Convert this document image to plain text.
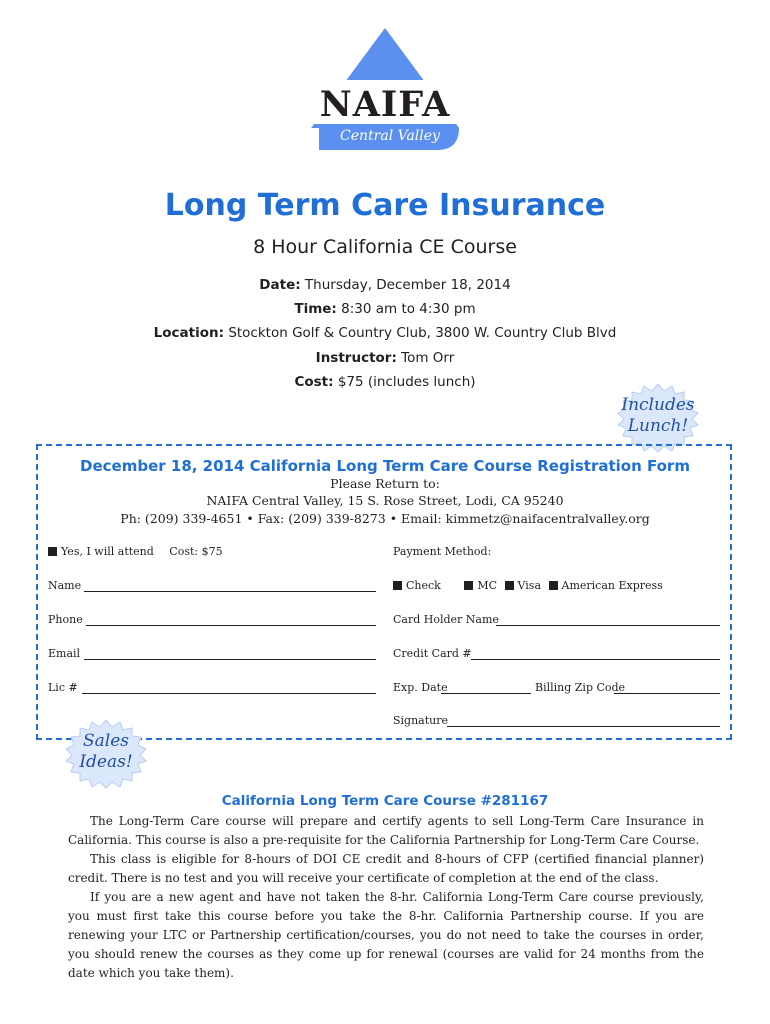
NAIFA
Central Valley
Long Term Care Insurance
8 Hour California CE Course
Date: Thursday, December 18, 2014
Time: 8:30 am to 4:30 pm
Location: Stockton Golf & Country Club, 3800 W. Country Club Blvd
Instructor: Tom Orr
Cost: $75 (includes lunch)
Includes
Lunch!
December 18, 2014 California Long Term Care Course Registration Form
Please Return to:
NAIFA Central Valley, 15 S. Rose Street, Lodi, CA 95240
Ph: (209) 339-4651 • Fax: (209) 339-8273 • Email: kimmetz@naifacentralvalley.org
Yes, I will attend Cost: $75
Name
Phone
Email
Lic #
Payment Method:
Check	MC Visa American Express
Card Holder Name
Credit Card #
Exp. Date	Billing Zip Code
Signature
Sales
Ideas!
California Long Term Care Course #281167

The Long-Term Care course will prepare and certify agents to sell Long-Term Care Insurance in California. This course is also a pre-requisite for the California Partnership for Long-Term Care Course.

This class is eligible for 8-hours of DOI CE credit and 8-hours of CFP (certified financial planner) credit. There is no test and you will receive your certificate of completion at the end of the class.

If you are a new agent and have not taken the 8-hr. California Long-Term Care course previously, you must first take this course before you take the 8-hr. California Partnership course. If you are renewing your LTC or Partnership certification/courses, you do not need to take the courses in order, you should renew the courses as they come up for renewal (courses are valid for 24 months from the date which you take them).
